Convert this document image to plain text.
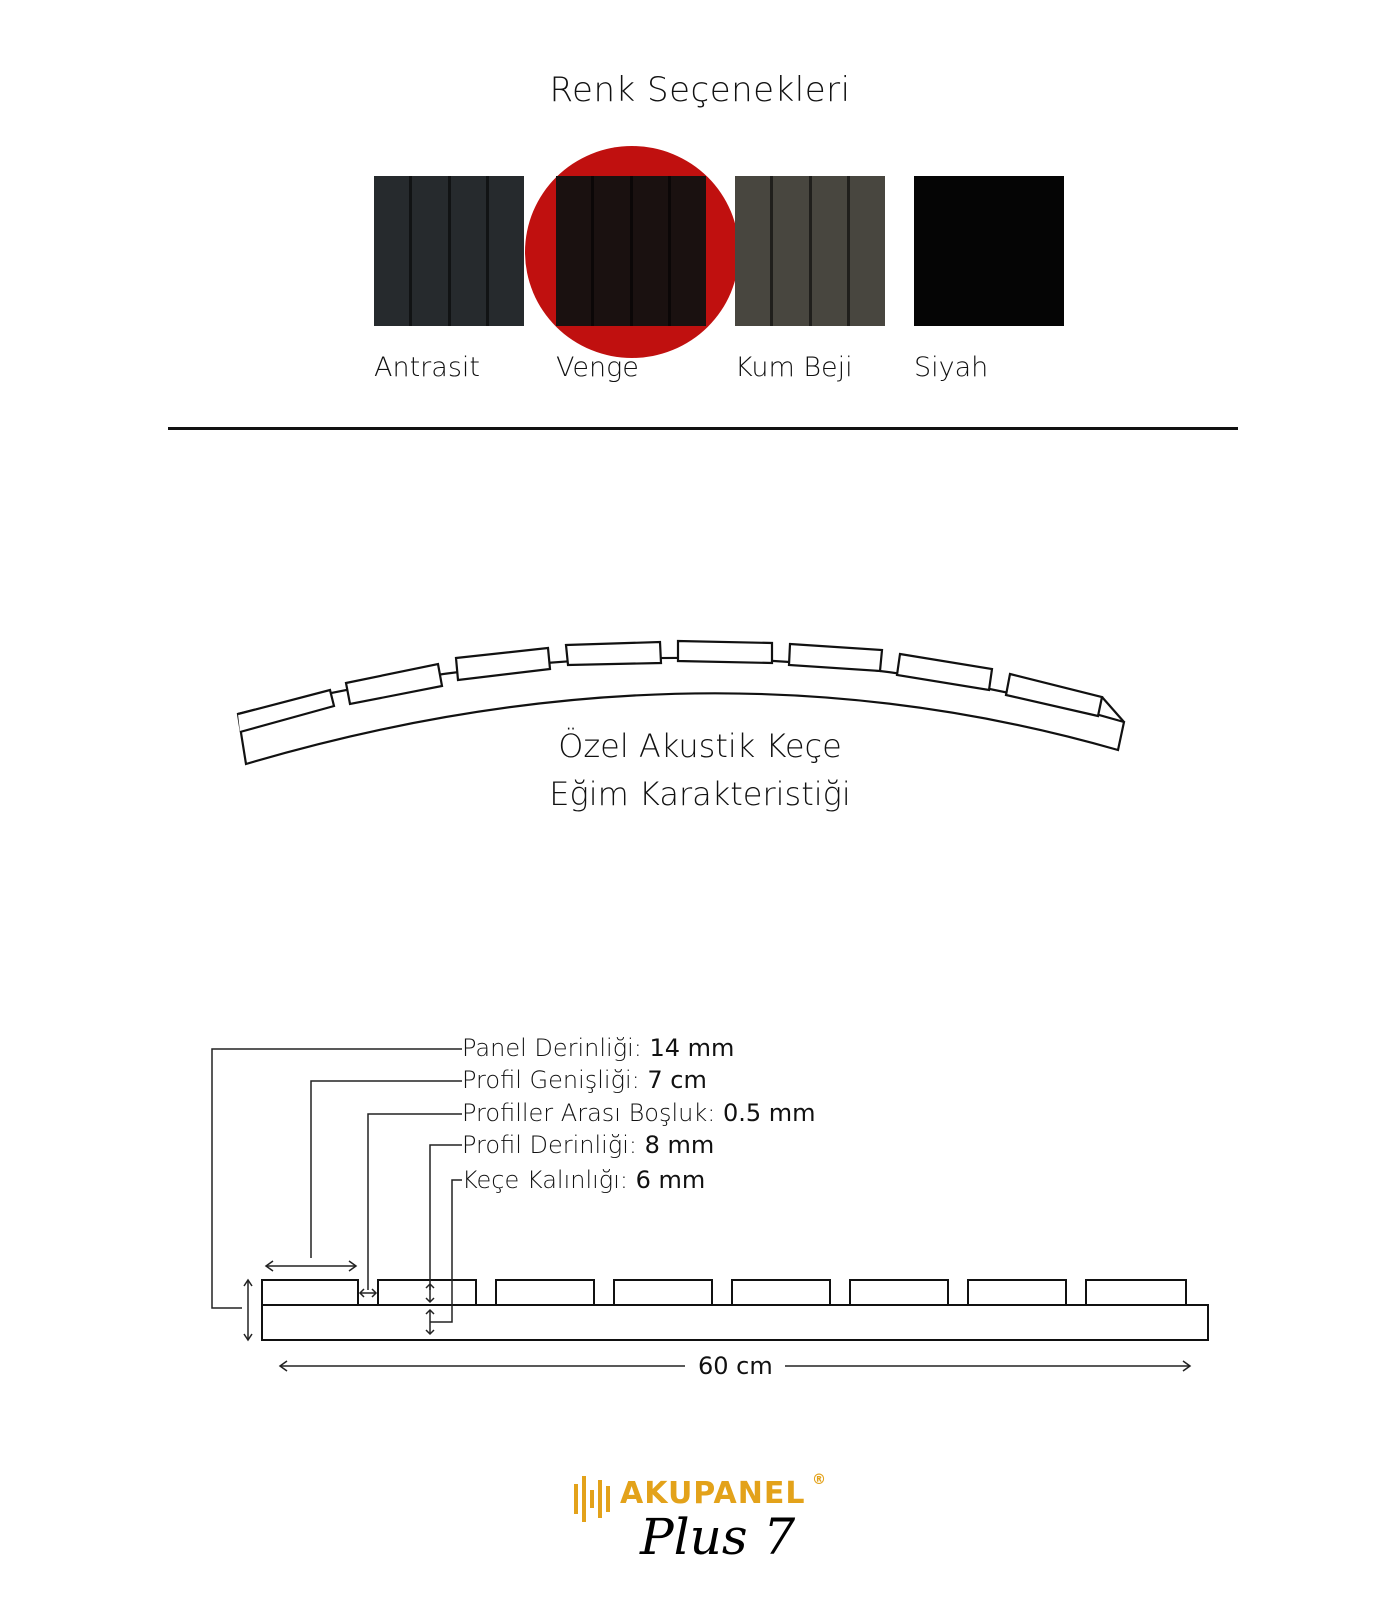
Renk Seçenekleri
Antrasit	Venge	Kum Beji Siyah
Özel Akustik Keçe
Eğim Karakteristiği
Panel Derinliği: 14 mm
Profil Genişliği: 7 cm
Profiller Arası Boşluk: 0.5 mm
Profil Derinliği: 8 mm
Keçe Kalınlığı: 6 mm
60 cm
AKUPANEL ®
Plus 7
